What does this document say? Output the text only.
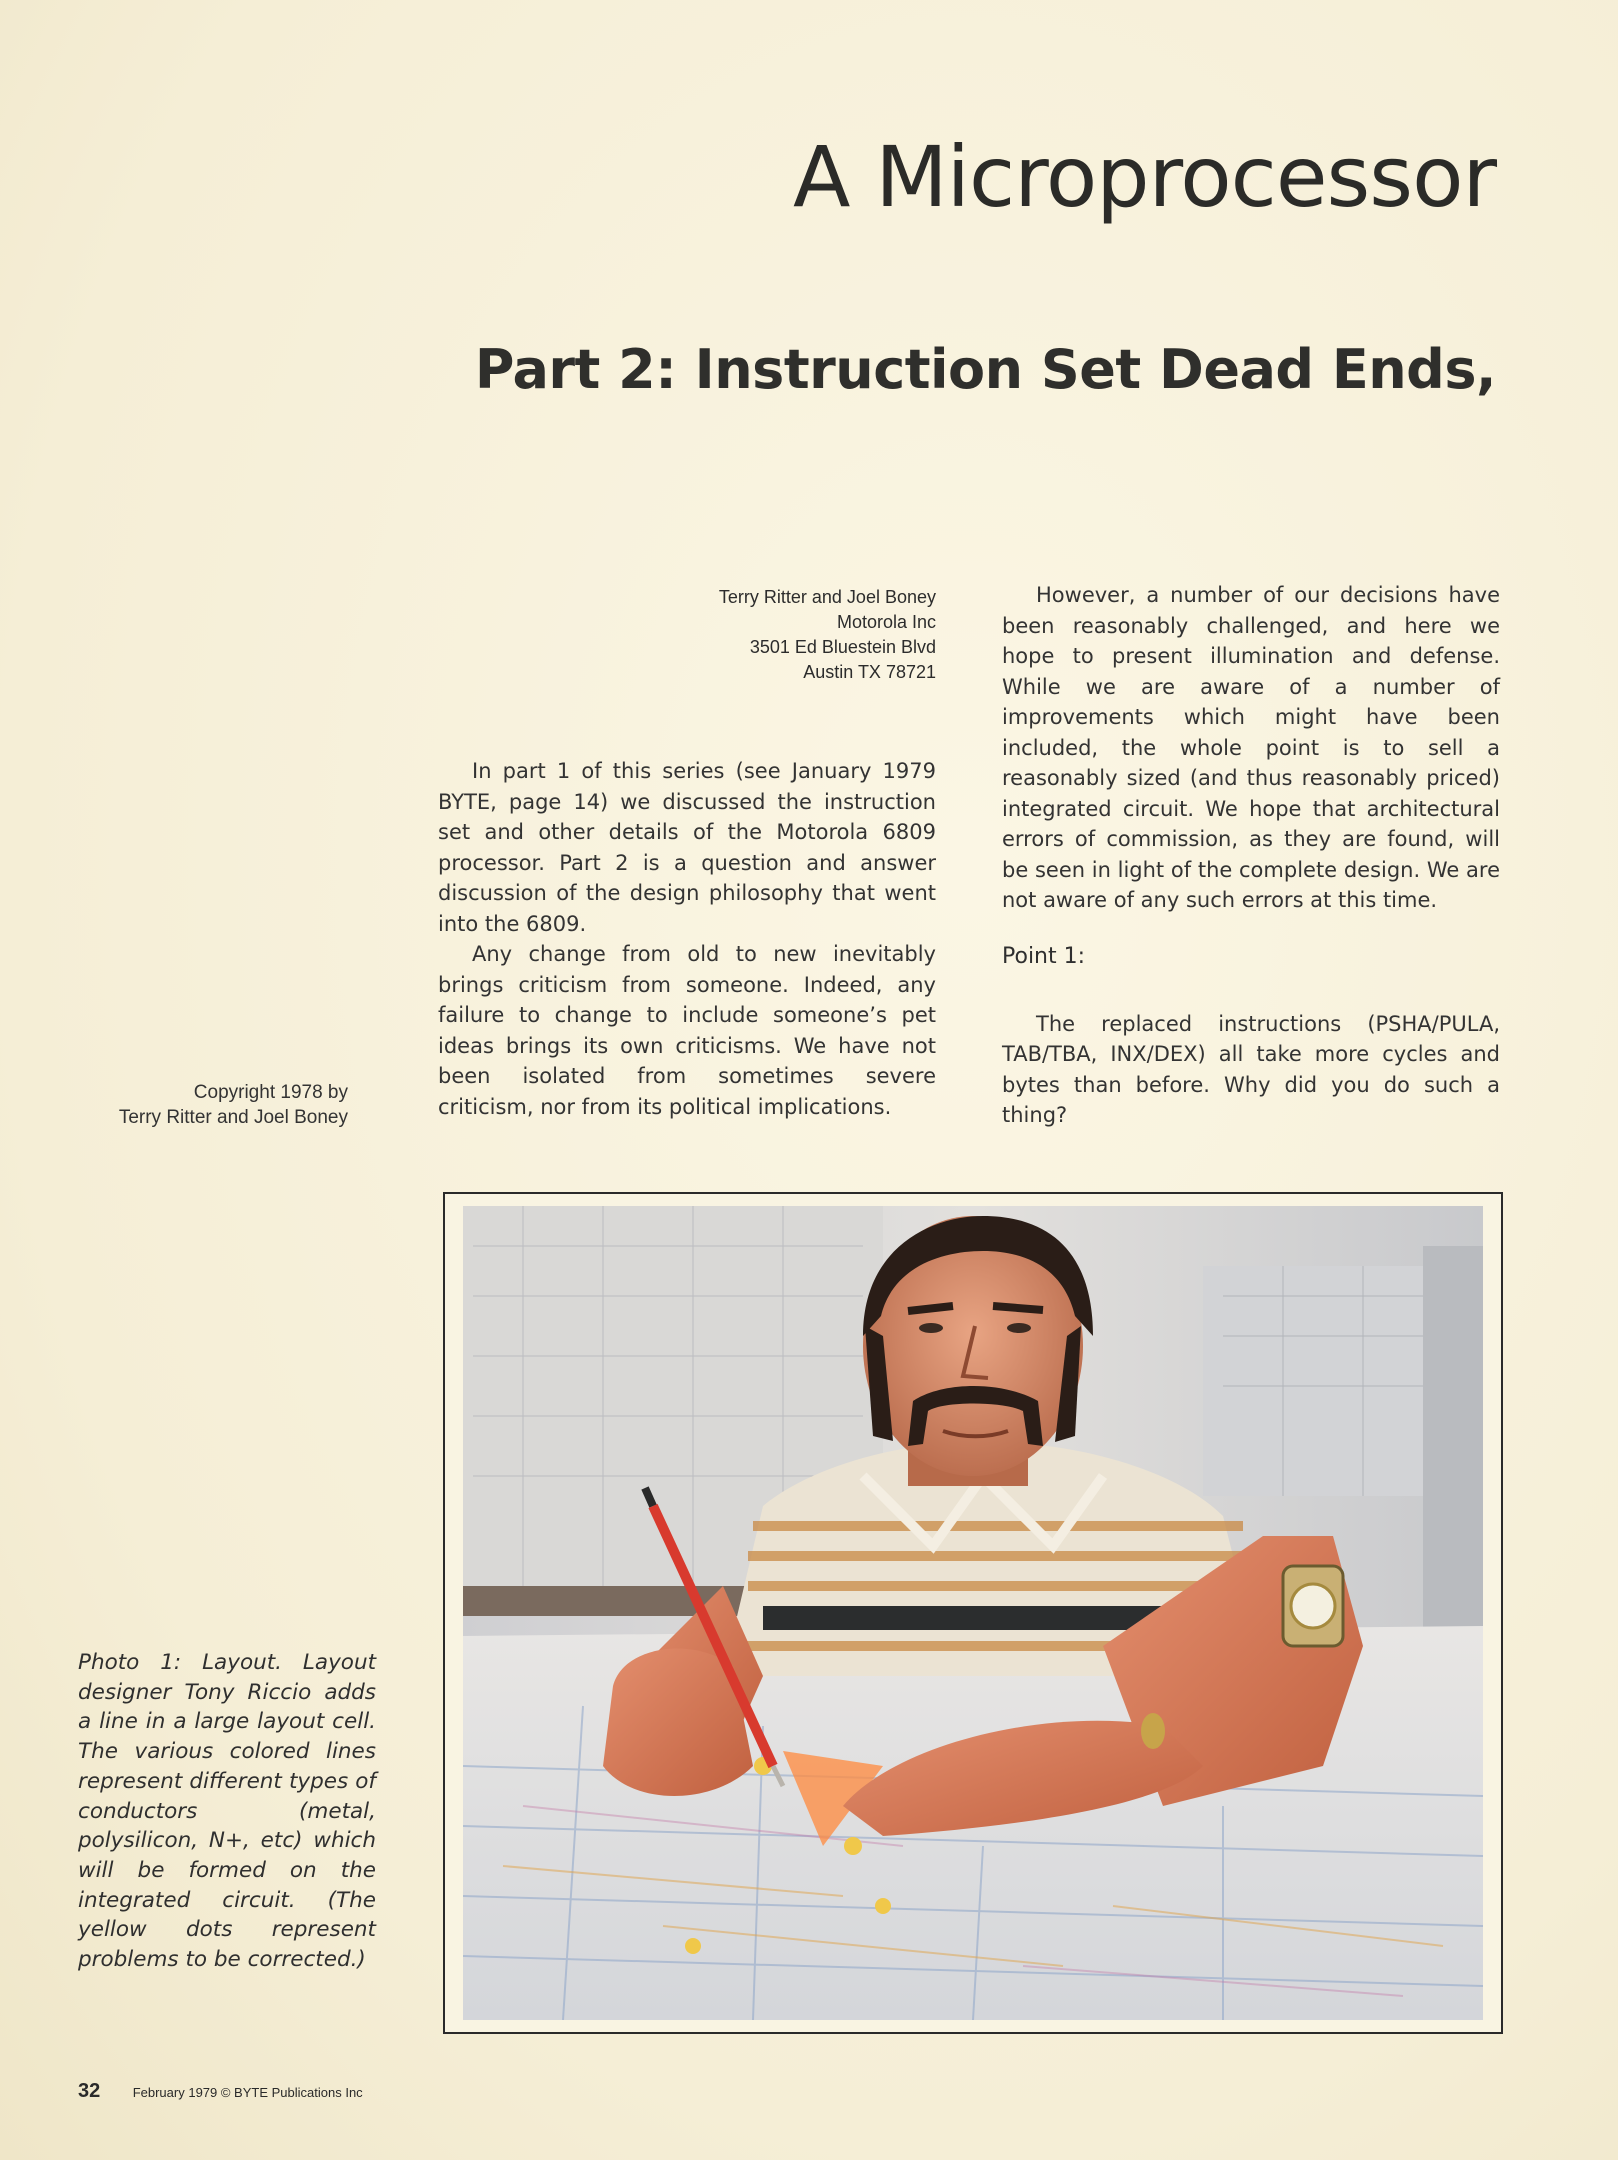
A Microprocessor
Part 2: Instruction Set Dead Ends,
Terry Ritter and Joel Boney
Motorola Inc
3501 Ed Bluestein Blvd
Austin TX 78721

In part 1 of this series (see January 1979 BYTE, page 14) we discussed the instruction set and other details of the Motorola 6809 processor. Part 2 is a question and answer discussion of the design philosophy that went into the 6809.

Any change from old to new inevitably brings criticism from someone. Indeed, any failure to change to include someone’s pet ideas brings its own criticisms. We have not been isolated from sometimes severe criticism, nor from its political implications.

However, a number of our decisions have been reasonably challenged, and here we hope to present illumination and defense. While we are aware of a number of improvements which might have been included, the whole point is to sell a reasonably sized (and thus reasonably priced) integrated circuit. We hope that architectural errors of commission, as they are found, will be seen in light of the complete design. We are not aware of any such errors at this time.

Point 1:

The replaced instructions (PSHA/PULA, TAB/TBA, INX/DEX) all take more cycles and bytes than before. Why did you do such a thing?

Copyright 1978 by
Terry Ritter and Joel Boney
Photo 1: Layout. Layout designer Tony Riccio adds a line in a large layout cell. The various colored lines represent different types of conductors (metal, polysilicon, N+, etc) which will be formed on the integrated circuit. (The yellow dots represent problems to be corrected.)
32 February 1979 © BYTE Publications Inc
